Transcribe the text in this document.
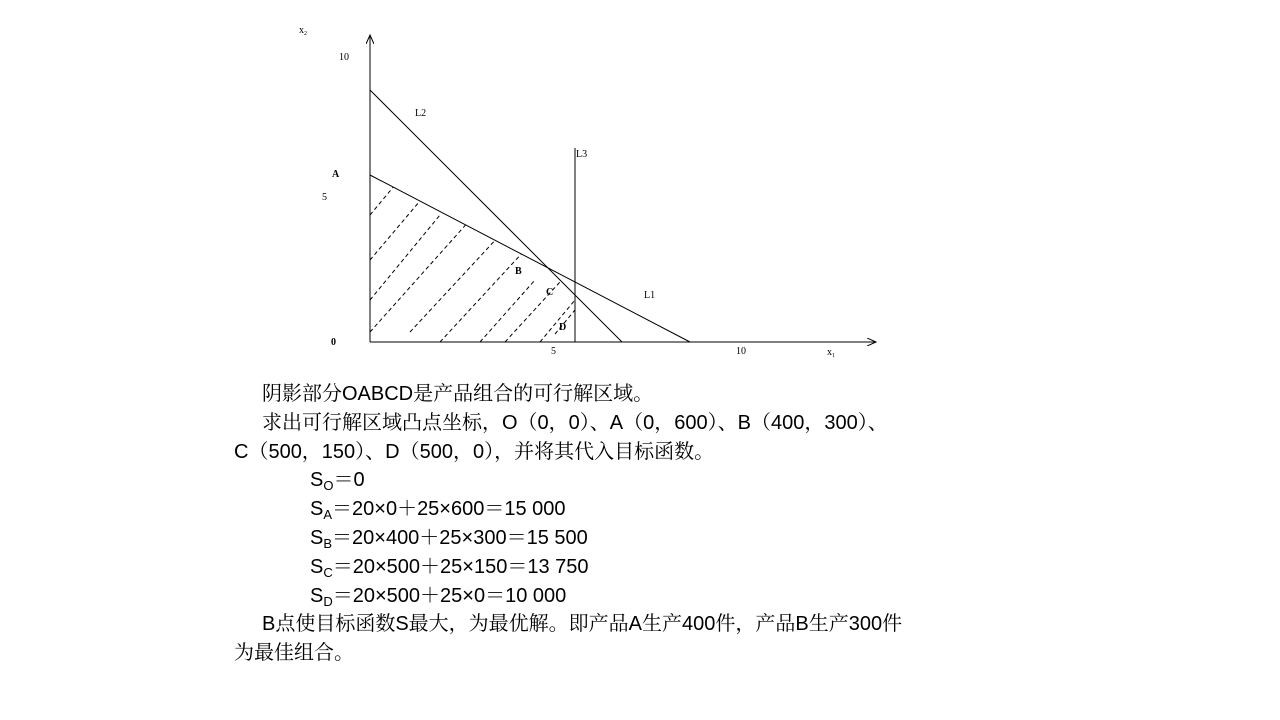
$x_2$
$x_1$
10
5
5	10
0
L2
L3
L1
A
B
C
D
阴影部分OABCD是产品组合的可行解区域。
求出可行解区域凸点坐标，O（0，0）、A（0，600）、B（400，300）、
C（500，150）、D（500，0），并将其代入目标函数。
$S_O=0$
$S_A=20\times 0+25\times 600=15$ 000
$S_B=20\times 400+25\times 300=15$ 500
$S_C=20\times 500+25\times 150=13$ 750
$S_D=20\times 500+25\times 0=10$ 000
B点使目标函数S最大，为最优解。即产品A生产400件，产品B生产300件
为最佳组合。
